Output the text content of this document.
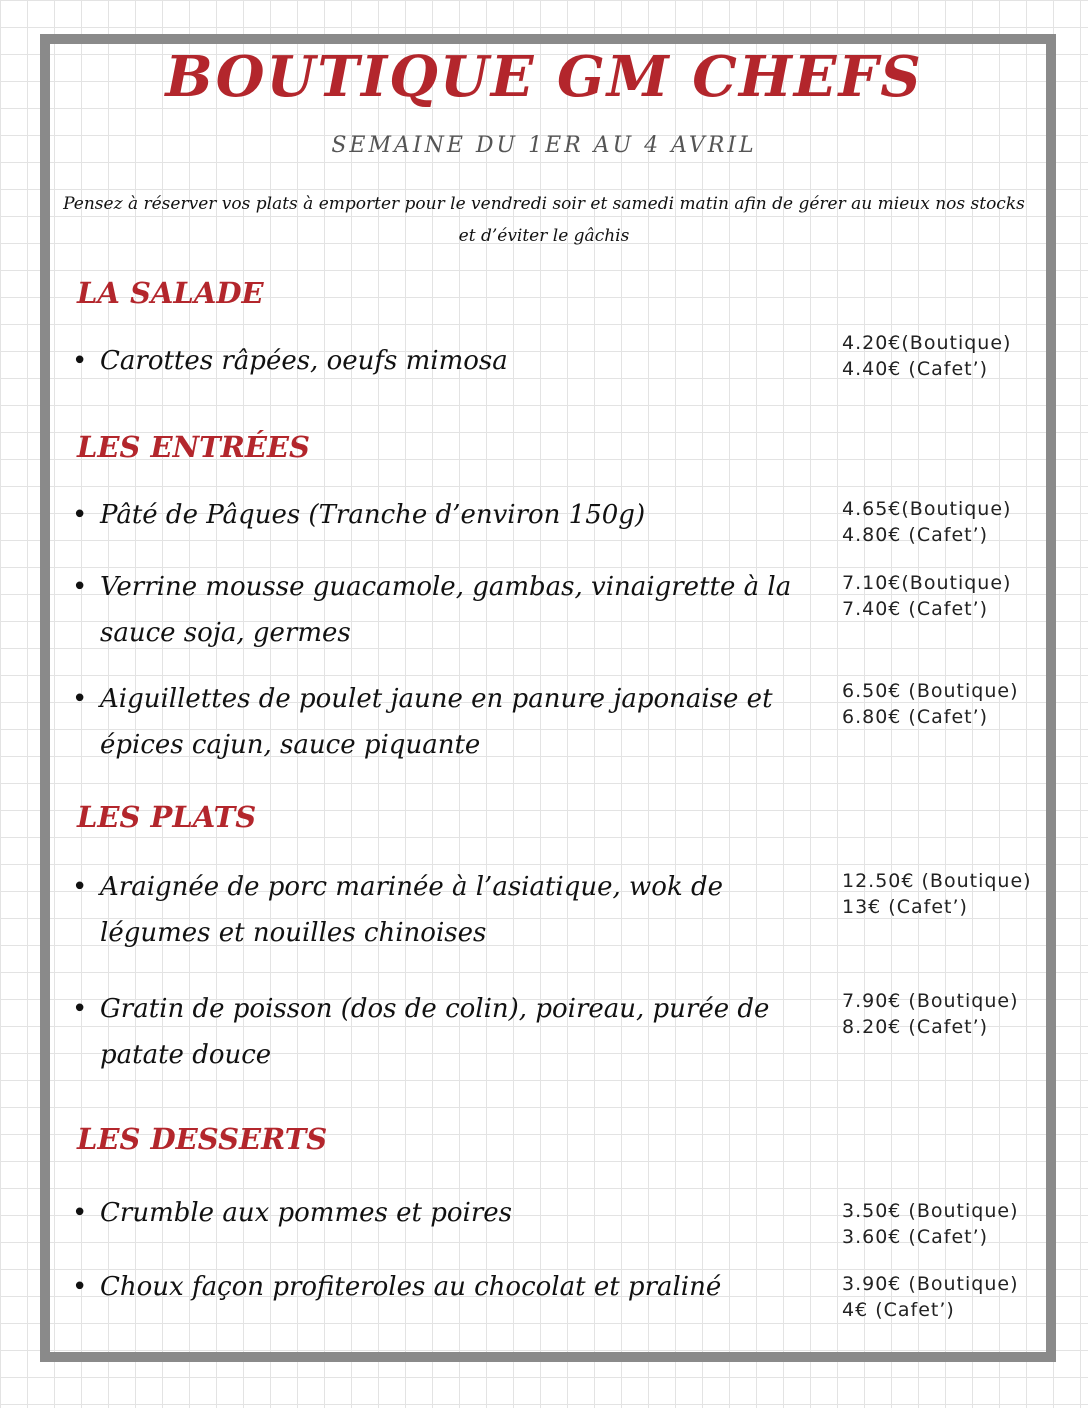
BOUTIQUE GM CHEFS
SEMAINE DU 1ER AU 4 AVRIL

Pensez à réserver vos plats à emporter pour le vendredi soir et samedi matin afin de gérer au mieux nos stocks et d’éviter le gâchis

LA SALADE
• Carottes râpées, oeufs mimosa
4.20€(Boutique)
4.40€ (Cafet’)
LES ENTRÉES
• Pâté de Pâques (Tranche d’environ 150g)	4.65€(Boutique)
4.80€ (Cafet’)
• Verrine mousse guacamole, gambas, vinaigrette à la sauce soja, germes
7.10€(Boutique)
7.40€ (Cafet’)
• Aiguillettes de poulet jaune en panure japonaise et épices cajun, sauce piquante
6.50€ (Boutique)
6.80€ (Cafet’)
LES PLATS
• Araignée de porc marinée à l’asiatique, wok de légumes et nouilles chinoises
12.50€ (Boutique)
13€ (Cafet’)
• Gratin de poisson (dos de colin), poireau, purée de patate douce
7.90€ (Boutique)
8.20€ (Cafet’)
LES DESSERTS
• Crumble aux pommes et poires	3.50€ (Boutique)
3.60€ (Cafet’)
• Choux façon profiteroles au chocolat et praliné	3.90€ (Boutique)
4€ (Cafet’)
